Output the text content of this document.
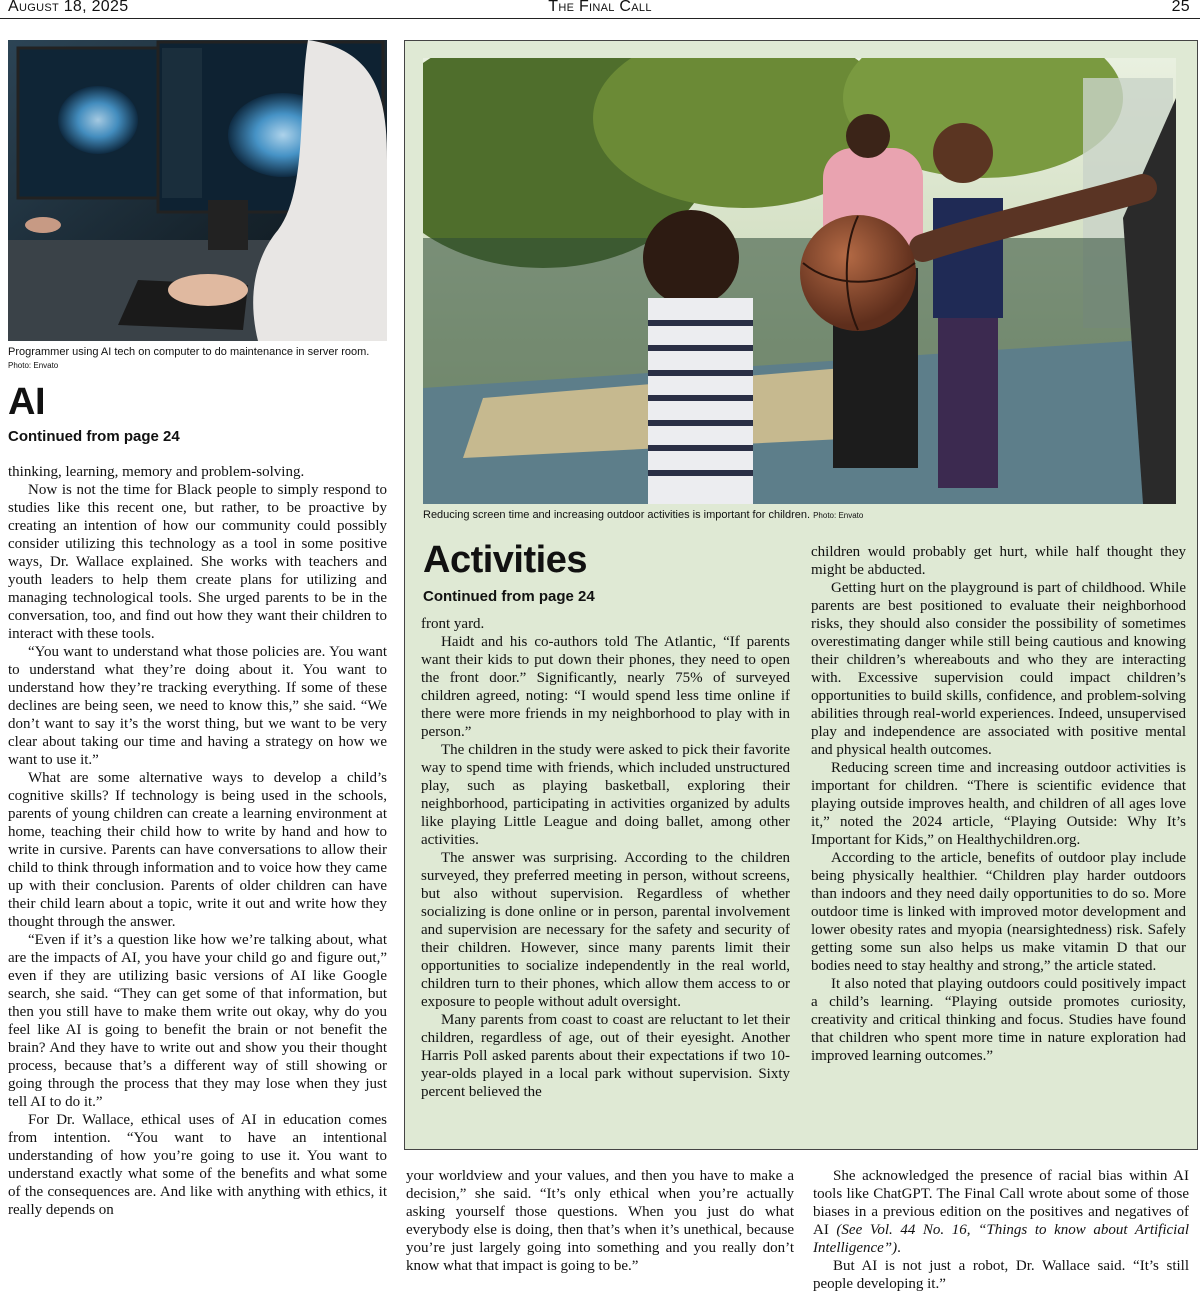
August 18, 2025	The Final Call	25
Programmer using AI tech on computer to do maintenance in server room.
Photo: Envato
AI
Continued from page 24

thinking, learning, memory and problem-solving.

Now is not the time for Black people to simply respond to studies like this recent one, but rather, to be proactive by creating an intention of how our community could possibly consider utilizing this technology as a tool in some positive ways, Dr. Wallace explained. She works with teachers and youth leaders to help them create plans for utilizing and managing technological tools. She urged parents to be in the conversation, too, and find out how they want their children to interact with these tools.

“You want to understand what those policies are. You want to understand what they’re doing about it. You want to understand how they’re tracking everything. If some of these declines are being seen, we need to know this,” she said. “We don’t want to say it’s the worst thing, but we want to be very clear about taking our time and having a strategy on how we want to use it.”

What are some alternative ways to develop a child’s cognitive skills? If technology is being used in the schools, parents of young children can create a learning environment at home, teaching their child how to write by hand and how to write in cursive. Parents can have conversations to allow their child to think through information and to voice how they came up with their conclusion. Parents of older children can have their child learn about a topic, write it out and write how they thought through the answer.

“Even if it’s a question like how we’re talking about, what are the impacts of AI, you have your child go and figure out,” even if they are utilizing basic versions of AI like Google search, she said. “They can get some of that information, but then you still have to make them write out okay, why do you feel like AI is going to benefit the brain or not benefit the brain? And they have to write out and show you their thought process, because that’s a different way of still showing or going through the process that they may lose when they just tell AI to do it.”

For Dr. Wallace, ethical uses of AI in education comes from intention. “You want to have an intentional understanding of how you’re going to use it. You want to understand exactly what some of the benefits and what some of the consequences are. And like with anything with ethics, it really depends on

Reducing screen time and increasing outdoor activities is important for children. Photo: Envato
Activities
Continued from page 24

front yard.

Haidt and his co-authors told The Atlantic, “If parents want their kids to put down their phones, they need to open the front door.” Significantly, nearly 75% of surveyed children agreed, noting: “I would spend less time online if there were more friends in my neighborhood to play with in person.”

The children in the study were asked to pick their favorite way to spend time with friends, which included unstructured play, such as playing basketball, exploring their neighborhood, participating in activities organized by adults like playing Little League and doing ballet, among other activities.

The answer was surprising. According to the children surveyed, they preferred meeting in person, without screens, but also without supervision. Regardless of whether socializing is done online or in person, parental involvement and supervision are necessary for the safety and security of their children. However, since many parents limit their opportunities to socialize independently in the real world, children turn to their phones, which allow them access to or exposure to people without adult oversight.

Many parents from coast to coast are reluctant to let their children, regardless of age, out of their eyesight. Another Harris Poll asked parents about their expectations if two 10-year-olds played in a local park without supervision. Sixty percent believed the

children would probably get hurt, while half thought they might be abducted.

Getting hurt on the playground is part of childhood. While parents are best positioned to evaluate their neighborhood risks, they should also consider the possibility of sometimes overestimating danger while still being cautious and knowing their children’s whereabouts and who they are interacting with. Excessive supervision could impact children’s opportunities to build skills, confidence, and problem-solving abilities through real-world experiences. Indeed, unsupervised play and independence are associated with positive mental and physical health outcomes.

Reducing screen time and increasing outdoor activities is important for children. “There is scientific evidence that playing outside improves health, and children of all ages love it,” noted the 2024 article, “Playing Outside: Why It’s Important for Kids,” on Healthychildren.org.

According to the article, benefits of outdoor play include being physically healthier. “Children play harder outdoors than indoors and they need daily opportunities to do so. More outdoor time is linked with improved motor development and lower obesity rates and myopia (nearsightedness) risk. Safely getting some sun also helps us make vitamin D that our bodies need to stay healthy and strong,” the article stated.

It also noted that playing outdoors could positively impact a child’s learning. “Playing outside promotes curiosity, creativity and critical thinking and focus. Studies have found that children who spent more time in nature exploration had improved learning outcomes.”

your worldview and your values, and then you have to make a decision,” she said. “It’s only ethical when you’re actually asking yourself those questions. When you just do what everybody else is doing, then that’s when it’s unethical, because you’re just largely going into something and you really don’t know what that impact is going to be.”

She acknowledged the presence of racial bias within AI tools like ChatGPT. The Final Call wrote about some of those biases in a previous edition on the positives and negatives of AI (See Vol. 44 No. 16, “Things to know about Artificial Intelligence”).

But AI is not just a robot, Dr. Wallace said. “It’s still people developing it.”
